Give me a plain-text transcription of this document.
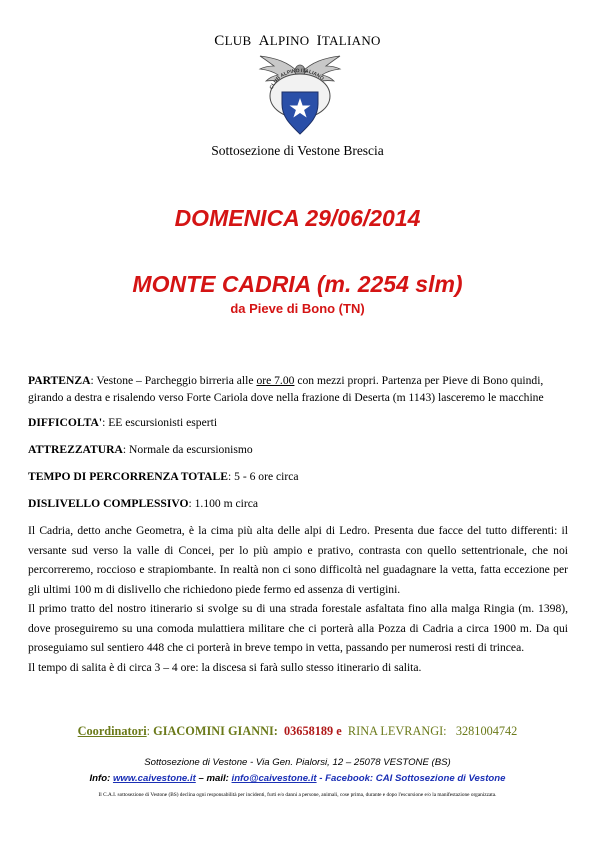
CLUB ALPINO ITALIANO
CLUB ALPINO ITALIANO
Sottosezione di Vestone Brescia
DOMENICA 29/06/2014
MONTE CADRIA (m. 2254 slm)
da Pieve di Bono (TN)
PARTENZA: Vestone – Parcheggio birreria alle ore 7.00 con mezzi propri. Partenza per Pieve di Bono quindi,
girando a destra e risalendo verso Forte Cariola dove nella frazione di Deserta (m 1143) lasceremo le macchine
DIFFICOLTA': EE escursionisti esperti
ATTREZZATURA: Normale da escursionismo
TEMPO DI PERCORRENZA TOTALE: 5 - 6 ore circa
DISLIVELLO COMPLESSIVO: 1.100 m circa
Il Cadria, detto anche Geometra, è la cima più alta delle alpi di Ledro. Presenta due facce del tutto differenti: il versante sud verso la valle di Concei, per lo più ampio e prativo, contrasta con quello settentrionale, che noi percorreremo, roccioso e strapiombante. In realtà non ci sono difficoltà nel guadagnare la vetta, fatta eccezione per gli ultimi 100 m di dislivello che richiedono piede fermo ed assenza di vertigini.
Il primo tratto del nostro itinerario si svolge su di una strada forestale asfaltata fino alla malga Ringia (m. 1398), dove proseguiremo su una comoda mulattiera militare che ci porterà alla Pozza di Cadria a circa 1900 m. Da qui proseguiamo sul sentiero 448 che ci porterà in breve tempo in vetta, passando per numerosi resti di trincea.
Il tempo di salita è di circa 3 – 4 ore: la discesa si farà sullo stesso itinerario di salita.
Coordinatori: GIACOMINI GIANNI: 03658189 e RINA LEVRANGI: 3281004742
Sottosezione di Vestone - Via Gen. Pialorsi, 12 – 25078 VESTONE (BS)
Info: www.caivestone.it – mail: info@caivestone.it - Facebook: CAI Sottosezione di Vestone
Il C.A.I. sottosezione di Vestone (BS) declina ogni responsabilità per incidenti, furti e/o danni a persone, animali, cose prima, durante e dopo l'escursione e/o la manifestazione organizzata.
